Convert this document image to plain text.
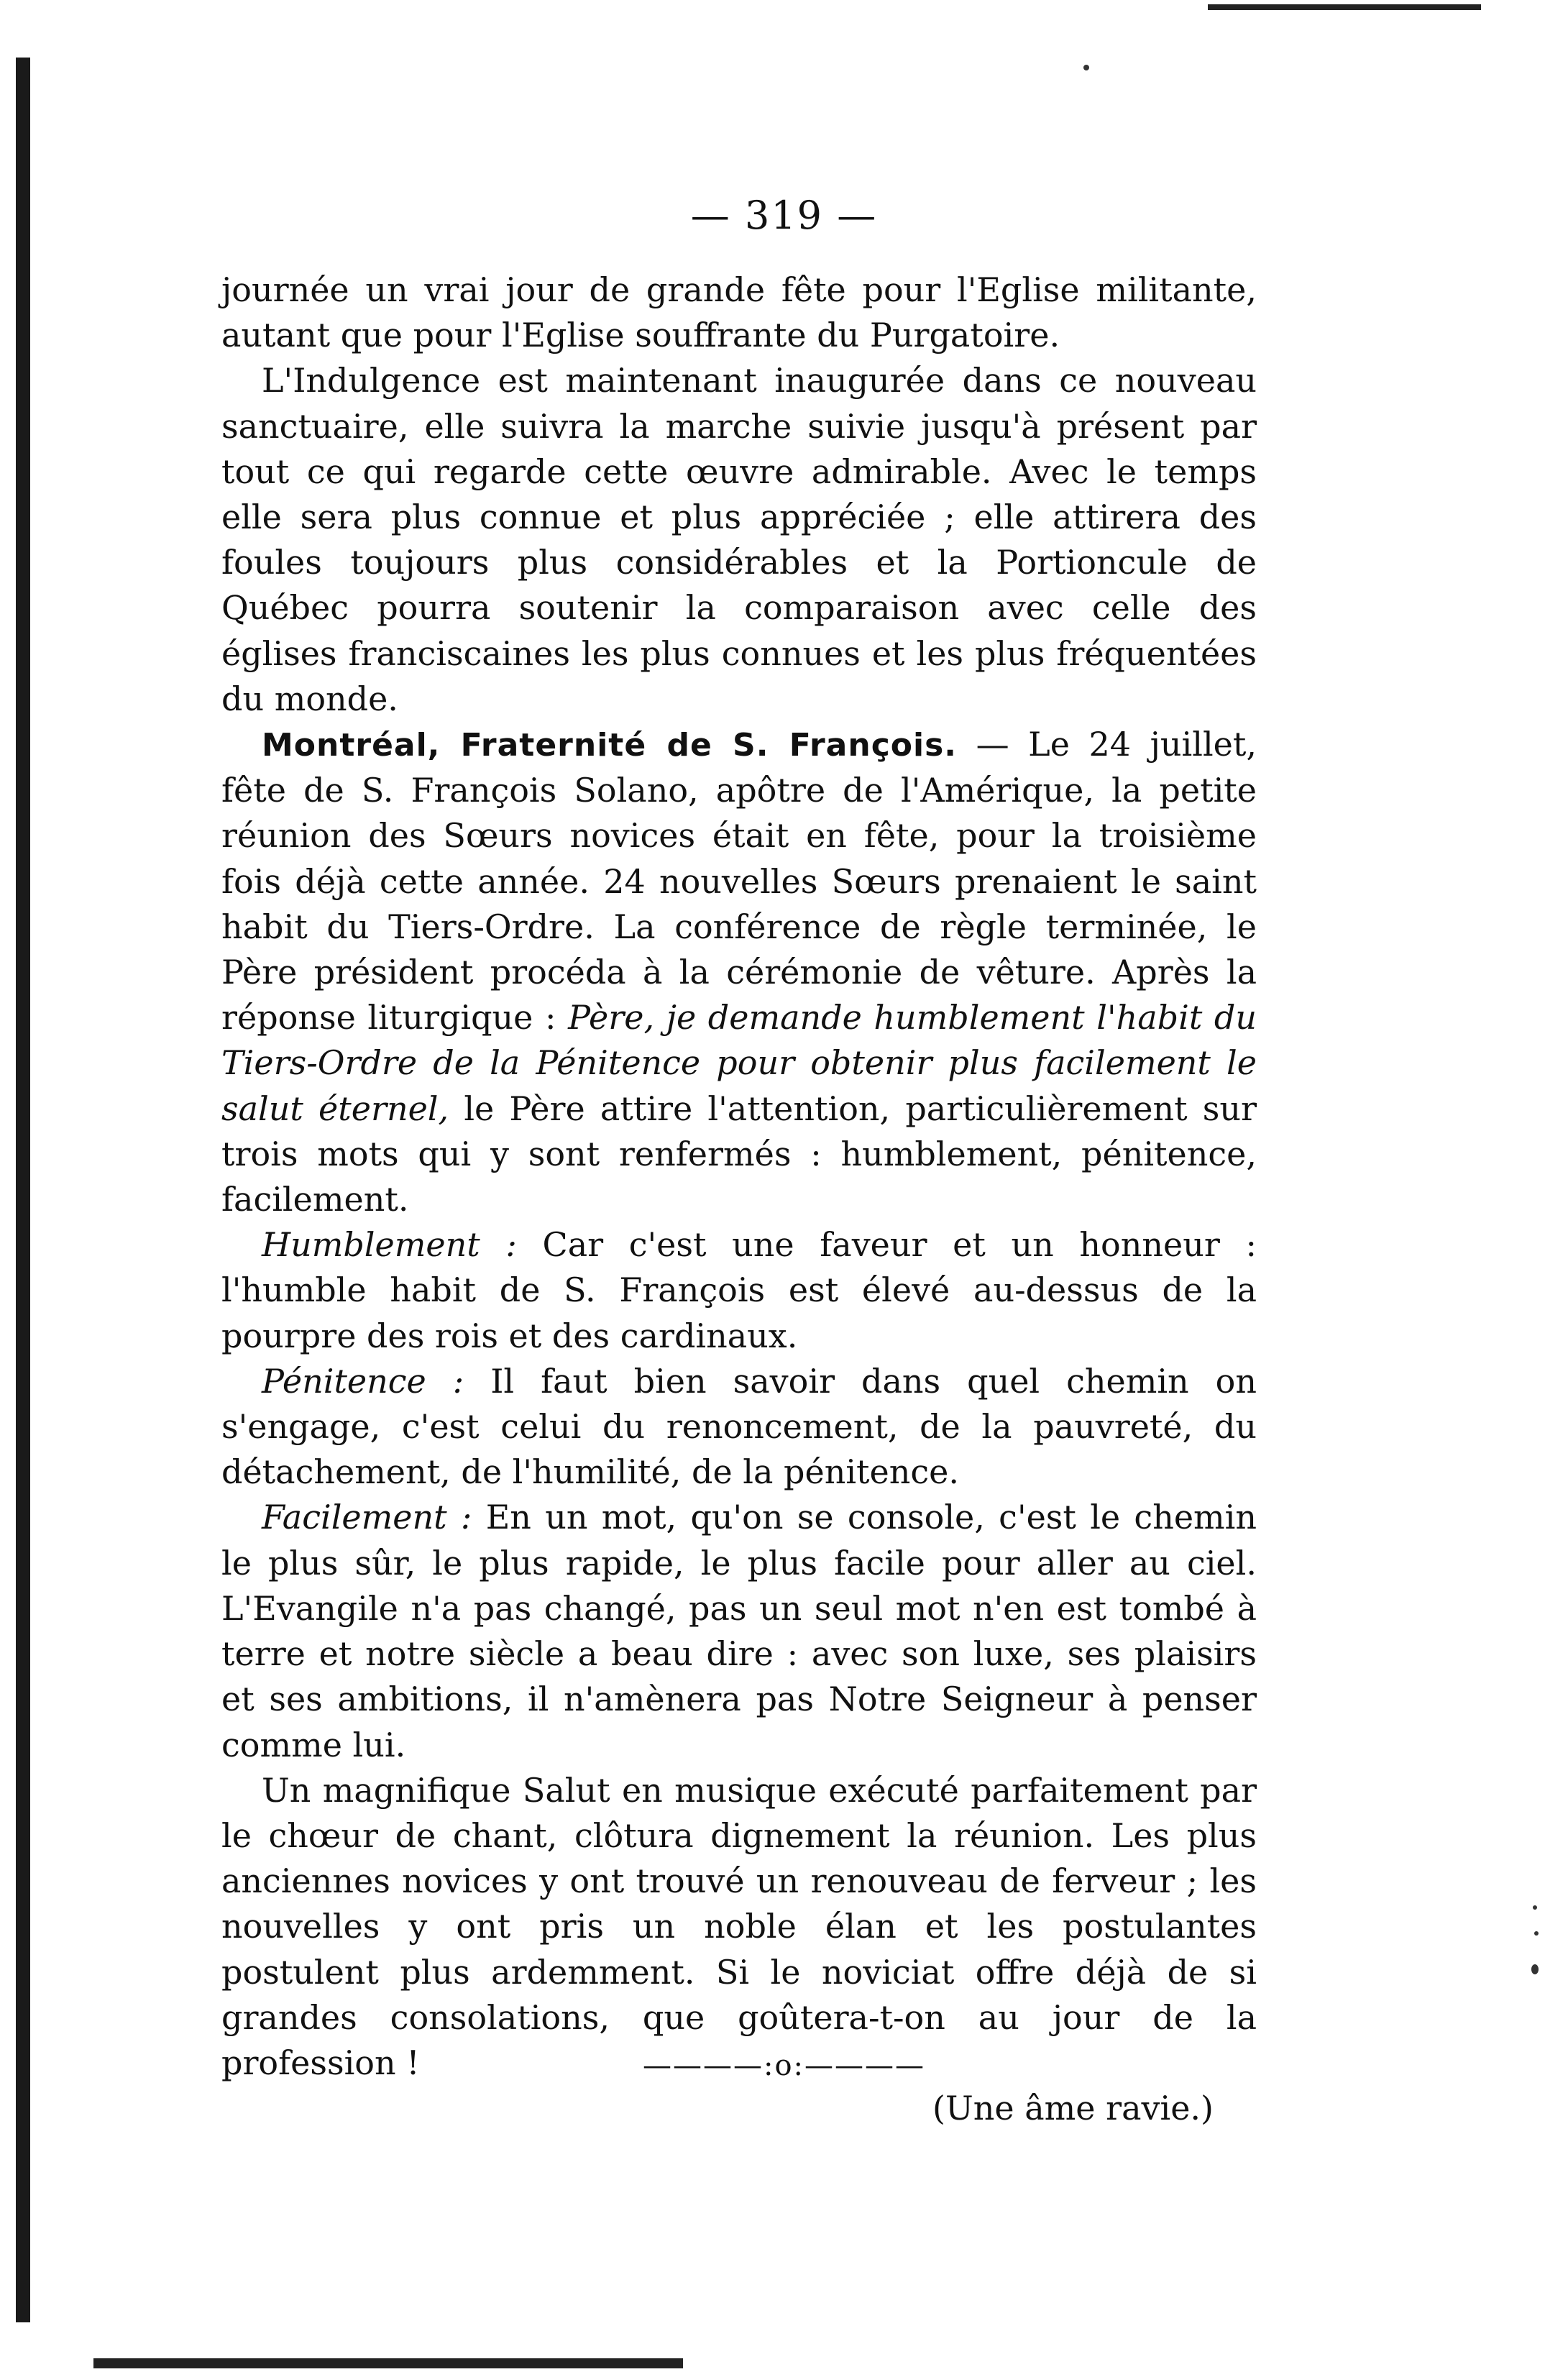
— 319 —

journée un vrai jour de grande fête pour l'Eglise militante, autant que pour l'Eglise souffrante du Purgatoire.

L'Indulgence est maintenant inaugurée dans ce nouveau sanctuaire, elle suivra la marche suivie jusqu'à présent par tout ce qui regarde cette œuvre admirable. Avec le temps elle sera plus connue et plus appréciée ; elle attirera des foules toujours plus considérables et la Portioncule de Québec pourra soutenir la comparaison avec celle des églises franciscaines les plus connues et les plus fréquentées du monde.

Montréal, Fraternité de S. François. — Le 24 juillet, fête de S. François Solano, apôtre de l'Amérique, la petite réunion des Sœurs novices était en fête, pour la troisième fois déjà cette année. 24 nouvelles Sœurs prenaient le saint habit du Tiers-Ordre. La conférence de règle terminée, le Père président procéda à la cérémonie de vêture. Après la réponse liturgique : Père, je demande humblement l'habit du Tiers-Ordre de la Pénitence pour obtenir plus facilement le salut éternel, le Père attire l'attention, particulièrement sur trois mots qui y sont renfermés : humblement, pénitence, facilement.

Humblement : Car c'est une faveur et un honneur : l'humble habit de S. François est élevé au-dessus de la pourpre des rois et des cardinaux.

Pénitence : Il faut bien savoir dans quel chemin on s'engage, c'est celui du renoncement, de la pauvreté, du détachement, de l'humilité, de la pénitence.

Facilement : En un mot, qu'on se console, c'est le chemin le plus sûr, le plus rapide, le plus facile pour aller au ciel. L'Evangile n'a pas changé, pas un seul mot n'en est tombé à terre et notre siècle a beau dire : avec son luxe, ses plaisirs et ses ambitions, il n'amènera pas Notre Seigneur à penser comme lui.

Un magnifique Salut en musique exécuté parfaitement par le chœur de chant, clôtura dignement la réunion. Les plus anciennes novices y ont trouvé un renouveau de ferveur ; les nouvelles y ont pris un noble élan et les postulantes postulent plus ardemment. Si le noviciat offre déjà de si grandes consolations, que goûtera-t-on au jour de la profession !

(Une âme ravie.)

————:o:————
